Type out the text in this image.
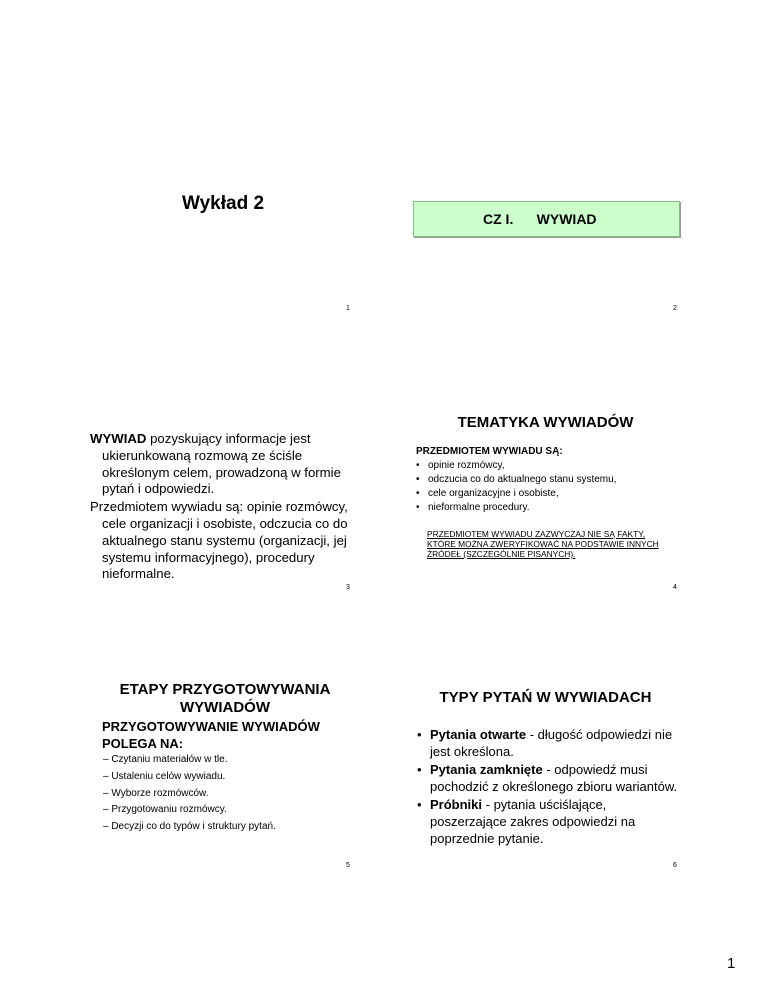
Wykład 2
1
CZ I.      WYWIAD
2

WYWIAD pozyskujący informacje jest ukierunkowaną rozmową ze ściśle określonym celem, prowadzoną w formie pytań i odpowiedzi.

Przedmiotem wywiadu są: opinie rozmówcy, cele organizacji i osobiste, odczucia co do aktualnego stanu systemu (organizacji, jej systemu informacyjnego), procedury nieformalne.

3
TEMATYKA WYWIADÓW
PRZEDMIOTEM WYWIADU SĄ:
• opinie rozmówcy,
• odczucia co do aktualnego stanu systemu,
• cele organizacyjne i osobiste,
• nieformalne procedury.
PRZEDMIOTEM WYWIADU ZAZWYCZAJ NIE SĄ FAKTY, KTÓRE MOŻNA ZWERYFIKOWAĆ NA PODSTAWIE INNYCH ŹRÓDEŁ (SZCZEGÓLNIE PISANYCH).
4
ETAPY PRZYGOTOWYWANIA WYWIADÓW
PRZYGOTOWYWANIE WYWIADÓW POLEGA NA:
– Czytaniu materiałów w tle.
– Ustaleniu celów wywiadu.
– Wyborze rozmówców.
– Przygotowaniu rozmówcy.
– Decyzji co do typów i struktury pytań.
5
TYPY PYTAŃ W WYWIADACH
• Pytania otwarte - długość odpowiedzi nie jest określona.
• Pytania zamknięte - odpowiedź musi pochodzić z określonego zbioru wariantów.
• Próbniki - pytania uściślające, poszerzające zakres odpowiedzi na poprzednie pytanie.
6
1
